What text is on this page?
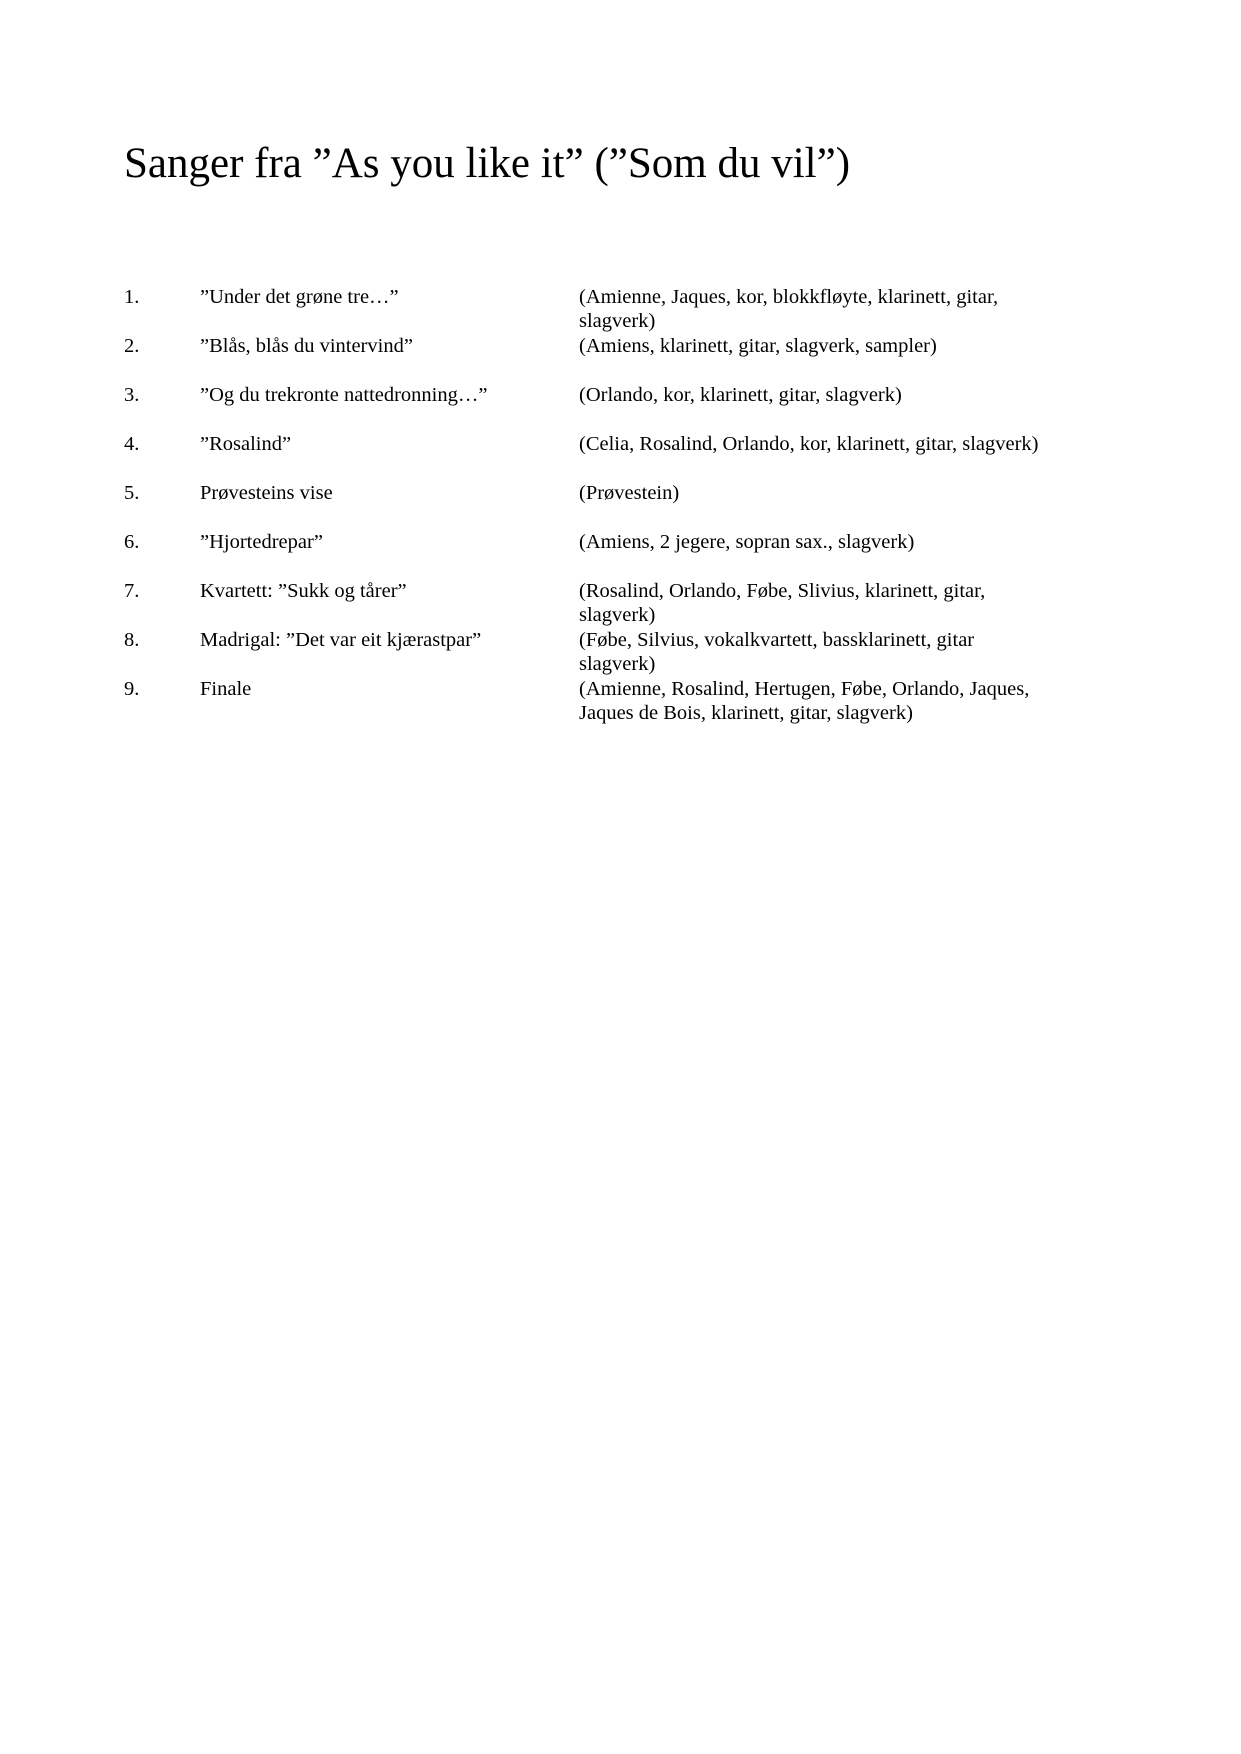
Sanger fra ”As you like it” (”Som du vil”)
1.	”Under det grøne tre…”	(Amienne, Jaques, kor, blokkfløyte, klarinett, gitar, slagverk)
2.	”Blås, blås du vintervind”	(Amiens, klarinett, gitar, slagverk, sampler)
3.	”Og du trekronte nattedronning…”	(Orlando, kor, klarinett, gitar, slagverk)
4.	”Rosalind”	(Celia, Rosalind, Orlando, kor, klarinett, gitar, slagverk)
5.	Prøvesteins vise	(Prøvestein)
6.	”Hjortedrepar”	(Amiens, 2 jegere, sopran sax., slagverk)
7.	Kvartett: ”Sukk og tårer”	(Rosalind, Orlando, Føbe, Slivius, klarinett, gitar, slagverk)
8.	Madrigal: ”Det var eit kjærastpar”	(Føbe, Silvius, vokalkvartett, bassklarinett, gitar slagverk)
9.	Finale	(Amienne, Rosalind, Hertugen, Føbe, Orlando, Jaques, Jaques de Bois, klarinett, gitar, slagverk)
